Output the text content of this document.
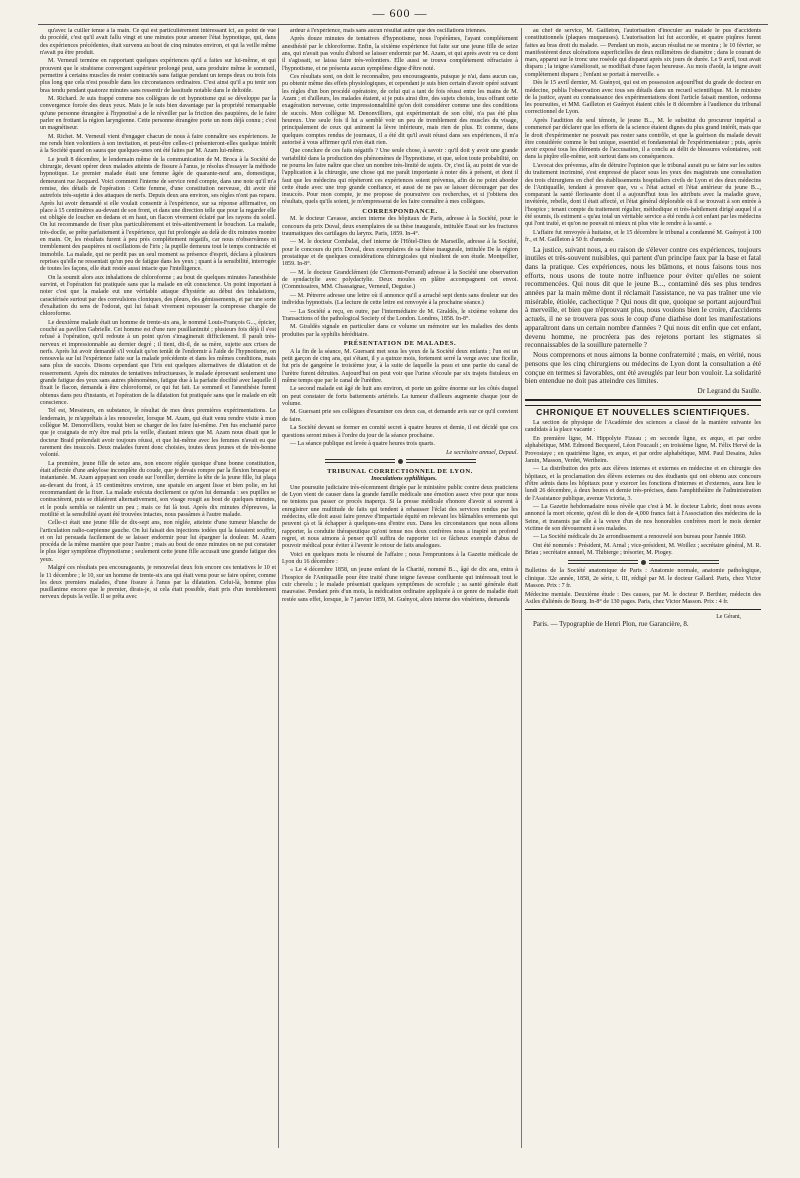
— 600 —

qu'avec la cuiller tenue à la main. Ce qui est particulièrement intéressant ici, au point de vue du procédé, c'est qu'il avait fallu vingt et une minutes pour amener l'état hypnotique, qui, dans des expériences précédentes, était survenu au bout de cinq minutes environ, et qui la veille même n'avait pu être produit.

M. Verneuil termine en rapportant quelques expériences qu'il a faites sur lui-même, et qui prouvent que le strabisme convergent supérieur prolongé peut, sans produire même le sommeil, permettre à certains muscles de rester contractés sans fatigue pendant un temps deux ou trois fois plus long que cela n'est possible dans les circonstances ordinaires. C'est ainsi qu'il a pu tenir son bras tendu pendant quatorze minutes sans ressentir de lassitude notable dans le deltoïde.

M. Richard. Je suis frappé comme nos collègues de cet hypnotisme qui se développe par la convergence forcée des deux yeux. Mais je le suis bien davantage par la propriété remarquable qu'une personne étrangère à l'hypnotisé a de le réveiller par la friction des paupières, de le faire parler en frottant la région laryngienne. Cette personne étrangère porte un nom déjà connu ; c'est un magnétiseur.

M. Richet. M. Verneuil vient d'engager chacun de nous à faire connaître ses expériences. Je me rends bien volontiers à son invitation, et peut-être celles-ci présenteront-elles quelque intérêt à la Société quand on saura que quelques-unes ont été faites par M. Azam lui-même.

Le jeudi 8 décembre, le lendemain même de la communication de M. Broca à la Société de chirurgie, devant opérer deux malades atteints de fissure à l'anus, je résolus d'essayer la méthode hypnotique. Le premier malade était une femme âgée de quarante-neuf ans, domestique, demeurant rue Jacquard. Voici comment l'interne de service rend compte, dans une note qu'il m'a remise, des détails de l'opération : Cette femme, d'une constitution nerveuse, dit avoir été autrefois très-sujette à des attaques de nerfs. Depuis deux ans environ, ses règles n'ont pas reparu. Après lui avoir demandé si elle voulait consentir à l'expérience, sur sa réponse affirmative, on place à 15 centimètres au-devant de son front, et dans une direction telle que pour la regarder elle est obligée de loucher en dedans et en haut, un flacon vivement éclairé par les rayons du soleil. On lui recommande de fixer plus particulièrement et très-attentivement le bouchon. La malade, très-docile, se prête parfaitement à l'expérience, qui fut prolongée au delà de dix minutes montre en main. Or, les résultats furent à peu près complètement négatifs, car nous n'observâmes ni tremblement des paupières ni oscillations de l'iris ; la pupille demeura tout le temps contractée et immobile. La malade, qui ne perdit pas un seul moment sa présence d'esprit, déclara à plusieurs reprises qu'elle ne ressentait qu'un peu de fatigue dans les yeux ; quant à la sensibilité, interrogée de toutes les façons, elle était restée aussi intacte que l'intelligence.

On la soumit alors aux inhalations de chloroforme ; au bout de quelques minutes l'anesthésie survint, et l'opération fut pratiquée sans que la malade en eût conscience. Un point important à noter c'est que la malade eut une véritable attaque d'hystérie au début des inhalations, caractérisée surtout par des convulsions cloniques, des pleurs, des gémissements, et par une sorte d'exaltation du sens de l'odorat, qui lui faisait vivement repousser la compresse chargée de chloroforme.

Le deuxième malade était un homme de trente-six ans, le nommé Louis-François G..., épicier, couché au pavillon Gabrielle. Cet homme est d'une rare pusillanimité ; plusieurs fois déjà il s'est refusé à l'opération, qu'il redoute à un point qu'on s'imaginerait difficilement. Il paraît très-nerveux et impressionnable au dernier degré ; il tient, dit-il, de sa mère, sujette aux crises de nerfs. Après lui avoir demandé s'il voulait qu'on tentât de l'endormir à l'aide de l'hypnotisme, on renouvela sur lui l'expérience faite sur la malade précédente et dans les mêmes conditions, mais sans plus de succès. Disons cependant que l'iris eut quelques alternatives de dilatation et de resserrement. Après dix minutes de tentatives infructueuses, le malade éprouvant seulement une grande fatigue des yeux sans autres phénomènes, fatigue due à la parfaite docilité avec laquelle il fixait le flacon, demanda à être chloroformé, ce qui fut fait. Le sommeil et l'anesthésie furent obtenus dans peu d'instants, et l'opération de la dilatation fut pratiquée sans que le malade en eût conscience.

Tel est, Messieurs, en substance, le résultat de mes deux premières expérimentations. Le lendemain, je m'apprêtais à les renouveler, lorsque M. Azam, qui était venu rendre visite à mon collègue M. Denonvilliers, voulut bien se charger de les faire lui-même. J'en fus enchanté parce que je craignais de m'y être mal pris la veille, d'autant mieux que M. Azam nous disait que le docteur Braid prétendait avoir toujours réussi, et que lui-même avec les femmes n'avait eu que rarement des insuccès. Deux malades furent donc choisies, toutes deux jeunes et de très-bonne volonté.

La première, jeune fille de seize ans, non encore réglée quoique d'une bonne constitution, était affectée d'une ankylose incomplète du coude, que je devais rompre par la flexion brusque et instantanée. M. Azam appuyant son coude sur l'oreiller, derrière la tête de la jeune fille, lui plaça au-devant du front, à 15 centimètres environ, une spatule en argent lisse et bien polie, en lui recommandant de la fixer. La malade exécuta docilement ce qu'on lui demanda : ses pupilles se contractèrent, puis se dilatèrent alternativement, son visage rougit au bout de quelques minutes, et le pouls sembla se ralentir un peu ; mais ce fut là tout. Après dix minutes d'épreuves, la motilité et la sensibilité ayant été trouvées intactes, nous passâmes à l'autre malade.

Celle-ci était une jeune fille de dix-sept ans, non réglée, atteinte d'une tumeur blanche de l'articulation radio-carpienne gauche. On lui faisait des injections iodées qui la faisaient souffrir, et on lui persuada facilement de se laisser endormir pour lui épargner la douleur. M. Azam procéda de la même manière que pour l'autre ; mais au bout de onze minutes on ne put constater le plus léger symptôme d'hypnotisme ; seulement cette jeune fille accusait une grande fatigue des yeux.

Malgré ces résultats peu encourageants, je renouvelai deux fois encore ces tentatives le 10 et le 11 décembre ; le 10, sur un homme de trente-six ans qui était venu pour se faire opérer, comme les deux premiers malades, d'une fissure à l'anus par la dilatation. Celui-là, homme plus pusillanime encore que le premier, dirais-je, si cela était possible, était pris d'un tremblement nerveux depuis la veille. Il se prêta avec

ardeur à l'expérience, mais sans aucun résultat autre que des oscillations iriennes.

Après douze minutes de tentatives d'hypnotisme, nous l'opérâmes, l'ayant complétement anesthésié par le chloroforme. Enfin, la sixième expérience fut faite sur une jeune fille de seize ans, qui n'avait pas voulu d'abord se laisser endormir par M. Azam, et qui après avoir vu ce dont il s'agissait, se laissa faire très-volontiers. Elle aussi se trouva complétement réfractaire à l'hypnotisme, et ne présenta aucun symptôme digne d'être noté.

Ces résultats sont, on doit le reconnaître, peu encourageants, puisque je n'ai, dans aucun cas, pu obtenir même des effets physiologiques, et cependant je suis bien certain d'avoir opéré suivant les règles d'un bon procédé opératoire, de celui qui a tant de fois réussi entre les mains de M. Azam ; et d'ailleurs, les malades étaient, si je puis ainsi dire, des sujets choisis, tous offrant cette exagération nerveuse, cette impressionnabilité qu'on doit considérer comme une des conditions de succès. Mon collègue M. Denonvilliers, qui expérimentait de son côté, n'a pas été plus heureux. Une seule fois il lui a semblé voir un peu de tremblement des muscles du visage, principalement de ceux qui animent la lèvre inférieure, mais rien de plus. Et comme, dans quelques comptes rendus de journaux, il a été dit qu'il avait réussi dans ses expériences, il m'a autorisé à vous affirmer qu'il n'en était rien.

Que conclure de ces faits négatifs ? Une seule chose, à savoir : qu'il doit y avoir une grande variabilité dans la production des phénomènes de l'hypnotisme, et que, selon toute probabilité, on ne pourra les faire naître que chez un nombre très-limité de sujets. Or, c'est là, au point de vue de l'application à la chirurgie, une chose qui me paraît importante à noter dès à présent, et dont il faut que les médecins qui répéteront ces expériences soient prévenus, afin de ne point aborder cette étude avec une trop grande confiance, et aussi de ne pas se laisser décourager par des insuccès. Pour mon compte, je me propose de poursuivre ces recherches, et si j'obtiens des résultats, quels qu'ils soient, je m'empresserai de les faire connaître à mes collègues.

CORRESPONDANCE.

M. le docteur Cavasse, ancien interne des hôpitaux de Paris, adresse à la Société, pour le concours du prix Duval, deux exemplaires de sa thèse inaugurale, intitulée Essai sur les fractures traumatiques des cartilages du larynx. Paris, 1859. In-4°.

— M. le docteur Combalat, chef interne de l'Hôtel-Dieu de Marseille, adresse à la Société, pour le concours du prix Duval, deux exemplaires de sa thèse inaugurale, intitulée De la région prostatique et de quelques considérations chirurgicales qui résultent de son étude. Montpellier, 1859. In-8°.

— M. le docteur Grandclément (de Clermont-Ferrand) adresse à la Société une observation de syndactylie avec polydactylie. Deux moules en plâtre accompagnent cet envoi. (Commissaires, MM. Chassaignac, Verneuil, Deguise.)

— M. Pétrerre adresse une lettre où il annonce qu'il a arraché sept dents sans douleur sur des individus hypnotisés. (La lecture de cette lettre est renvoyée à la prochaine séance.)

— La Société a reçu, en outre, par l'intermédiaire de M. Giraldès, le sixième volume des Transactions of the pathological Society of the London. Londres, 1858. In-8°.

M. Giraldès signale en particulier dans ce volume un mémoire sur les maladies des dents produites par la syphilis héréditaire.

PRÉSENTATION DE MALADES.

A la fin de la séance, M. Guersant met sous les yeux de la Société deux enfants ; l'un est un petit garçon de cinq ans, qui s'étant, il y a quinze mois, fortement serré la verge avec une ficelle, fut pris de gangrène le troisième jour, à la suite de laquelle la peau et une partie du canal de l'urètre furent détruites. Aujourd'hui on peut voir que l'urine s'écoule par six trajets fistuleux en même temps que par le canal de l'urèthre.

Le second malade est âgé de huit ans environ, et porte un goître énorme sur les côtés duquel on peut constater de forts battements artériels. La tumeur d'ailleurs augmente chaque jour de volume.

M. Guersant prie ses collègues d'examiner ces deux cas, et demande avis sur ce qu'il convient de faire.

La Société devant se former en comité secret à quatre heures et demie, il est décidé que ces questions seront mises à l'ordre du jour de la séance prochaine.

— La séance publique est levée à quatre heures trois quarts.

Le secrétaire annuel, Depaul.

TRIBUNAL CORRECTIONNEL DE LYON.

Inoculations syphilitiques.

Une poursuite judiciaire très-récemment dirigée par le ministère public contre deux praticiens de Lyon vient de causer dans la grande famille médicale une émotion assez vive pour que nous ne tenions pas passer ce procès inaperçu. Si la presse médicale s'honore d'avoir si souvent à enregistrer une multitude de faits qui tendent à rehausser l'éclat des services rendus par les médecins, elle doit aussi faire preuve d'impartiale équité en relevant les blâmables errements qui peuvent çà et là échapper à quelques-uns d'entre eux. Dans les circonstances que nous allons rapporter, la conduite thérapeutique qu'ont tenue nos deux confrères nous a inspiré un profond regret, et nous aimons à penser qu'il suffira de rapporter ici ce fâcheux exemple d'abus de pouvoir médical pour éviter à l'avenir le retour de faits analogues.

Voici en quelques mots le résumé de l'affaire ; nous l'empruntons à la Gazette médicale de Lyon du 16 décembre :

« Le 4 décembre 1858, un jeune enfant de la Charité, nommé B..., âgé de dix ans, entra à l'hospice de l'Antiquaille pour être traité d'une teigne faveuse confluente qui intéressait tout le cuir chevelu ; le malade présentait quelques symptômes de scrofule ; sa santé générale était mauvaise. Pendant près d'un mois, la médication ordinaire appliquée à ce genre de maladie était restée sans effet, lorsque, le 7 janvier 1859, M. Guényot, alors interne des vénériens, demanda

au chef de service, M. Gailleton, l'autorisation d'inoculer au malade le pus d'accidents constitutionnels (plaques muqueuses). L'autorisation lui fut accordée, et quatre piqûres furent faites au bras droit du malade. — Pendant un mois, aucun résultat ne se montra ; le 10 février, se manifestèrent deux ulcérations superficielles de deux millimètres de diamètre ; dans le courant de mars, apparut sur le tronc une roséole qui disparut après six jours de durée. Le 9 avril, tout avait disparu ; la teigne s'améliorait, se modifiait d'une façon heureuse. Au mois d'août, la teigne avait complètement disparu ; l'enfant se portait à merveille. »

Dès le 15 avril dernier, M. Guényot, qui est en possession aujourd'hui du grade de docteur en médecine, publia l'observation avec tous ses détails dans un recueil scientifique. M. le ministre de la justice, ayant eu connaissance des expérimentations dont l'article faisait mention, ordonna les poursuites, et MM. Gailleton et Guényot étaient cités le 8 décembre à l'audience du tribunal correctionnel de Lyon.

Après l'audition du seul témoin, le jeune B..., M. le substitut du procureur impérial a commencé par déclarer que les efforts de la science étaient dignes du plus grand intérêt, mais que le droit d'expérimenter ne pouvait pas rester sans contrôle, et que la guérison du malade devait être considérée comme le but unique, essentiel et fondamental de l'expérimentateur ; puis, après avoir exposé tous les éléments de l'accusation, il a conclu au délit de blessures volontaires, soit dans la piqûre elle-même, soit surtout dans ses conséquences.

L'avocat des prévenus, afin de détruire l'opinion que le tribunal aurait pu se faire sur les suites du traitement incriminé, s'est empressé de placer sous les yeux des magistrats une consultation des trois chirurgiens en chef des établissements hospitaliers civils de Lyon et des deux médecins de l'Antiquaille, tendant à prouver que, vu « l'état actuel et l'état antérieur du jeune B..., comparant la santé florissante dont il a aujourd'hui tous les attributs avec la maladie grave, invétérée, rebelle, dont il était affecté, et l'état général déplorable où il se trouvait à son entrée à l'hospice ; tenant compte du traitement régulier, méthodique et très-habilement dirigé auquel il a été soumis, ils estiment « qu'au total un véritable service a été rendu à cet enfant par les médecins qui l'ont traité, et qu'on ne pouvait ni mieux ni plus vite le rendre à la santé. »

L'affaire fut renvoyée à huitaine, et le 15 décembre le tribunal a condamné M. Guényot à 100 fr., et M. Gailleton à 50 fr. d'amende.

La justice, suivant nous, a eu raison de s'élever contre ces expériences, toujours inutiles et très-souvent nuisibles, qui partent d'un principe faux par la base et fatal dans la pratique. Ces expériences, nous les blâmons, et nous faisons tous nos efforts, nous usons de toute notre influence pour éviter qu'elles ne soient recommencées. Qui nous dit que le jeune B..., contaminé dès ses plus tendres années par la main même dont il réclamait l'assistance, ne va pas traîner une vie misérable, étiolée, cachectique ? Qui nous dit que, quoique se portant aujourd'hui à merveille, et bien que n'éprouvant plus, nous voulons bien le croire, d'accidents actuels, il ne se trouvera pas sous le coup d'une diathèse dont les manifestations apparaîtront dans un certain nombre d'années ? Qui nous dit enfin que cet enfant, devenu homme, ne procréera pas des rejetons portant les stigmates si reconnaissables de la souillure paternelle ?

Nous comprenons et nous aimons la bonne confraternité ; mais, en vérité, nous pensons que les cinq chirurgiens ou médecins de Lyon dont la consultation a été conçue en termes si favorables, ont été aveuglés par leur bon vouloir. La solidarité bien entendue ne doit pas atteindre ces limites.

Dr Legrand du Saulle.

CHRONIQUE ET NOUVELLES SCIENTIFIQUES.

La section de physique de l'Académie des sciences a classé de la manière suivante les candidats à la place vacante :

En première ligne, M. Hippolyte Fizeau ; en seconde ligne, ex æquo, et par ordre alphabétique, MM. Edmond Becquerel, Léon Foucault ; en troisième ligne, M. Félix Hervé de la Provostaye ; en quatrième ligne, ex æquo, et par ordre alphabétique, MM. Paul Desains, Jules Jamin, Masson, Verdet, Wertheim.

— La distribution des prix aux élèves internes et externes en médecine et en chirurgie des hôpitaux, et la proclamation des élèves externes ou des étudiants qui ont obtenu aux concours d'être admis dans les hôpitaux pour y exercer les fonctions d'internes et d'externes, aura lieu le lundi 26 décembre, à deux heures et demie très-précises, dans l'amphithéâtre de l'administration de l'Assistance publique, avenue Victoria, 3.

— La Gazette hebdomadaire nous révèle que c'est à M. le docteur Labric, dont nous avons annoncé la mort récente, qu'est dû le don de 4,000 francs fait à l'Association des médecins de la Seine, et transmis par elle à la veuve d'un de nos honorables confrères mort le mois dernier victime de son dévouement à ses malades.

— La Société médicale du 2e arrondissement a renouvelé son bureau pour l'année 1860.

Ont été nommés : Président, M. Arnal ; vice-président, M. Woillez ; secrétaire général, M. R. Briau ; secrétaire annuel, M. Thibierge ; trésorier, M. Piogey.

Bulletins de la Société anatomique de Paris : Anatomie normale, anatomie pathologique, clinique. 32e année, 1858, 2e série, t. III, rédigé par M. le docteur Gallard. Paris, chez Victor Masson. Prix : 7 fr.

Médecine mentale. Deuxième étude : Des causes, par M. le docteur P. Berthier, médecin des Asiles d'aliénés de Bourg. In-8° de 130 pages. Paris, chez Victor Masson. Prix : 4 fr.

Le Gérant,

Paris. — Typographie de Henri Plon, rue Garancière, 8.
